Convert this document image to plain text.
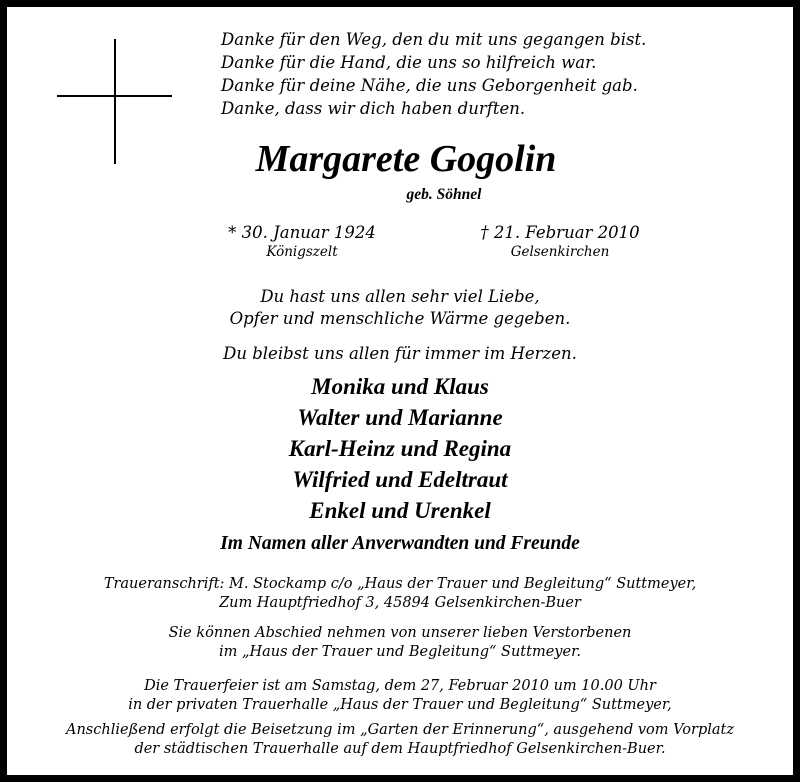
Danke für den Weg, den du mit uns gegangen bist.
Danke für die Hand, die uns so hilfreich war.
Danke für deine Nähe, die uns Geborgenheit gab.
Danke, dass wir dich haben durften.
Margarete Gogolin
geb. Söhnel
* 30. Januar 1924
Königszelt
† 21. Februar 2010
Gelsenkirchen
Du hast uns allen sehr viel Liebe,
Opfer und menschliche Wärme gegeben.
Du bleibst uns allen für immer im Herzen.
Monika und Klaus
Walter und Marianne
Karl-Heinz und Regina
Wilfried und Edeltraut
Enkel und Urenkel
Im Namen aller Anverwandten und Freunde
Traueranschrift: M. Stockamp c/o „Haus der Trauer und Begleitung“ Suttmeyer,
Zum Hauptfriedhof 3, 45894 Gelsenkirchen-Buer
Sie können Abschied nehmen von unserer lieben Verstorbenen
im „Haus der Trauer und Begleitung“ Suttmeyer.
Die Trauerfeier ist am Samstag, dem 27, Februar 2010 um 10.00 Uhr
in der privaten Trauerhalle „Haus der Trauer und Begleitung“ Suttmeyer,
Anschließend erfolgt die Beisetzung im „Garten der Erinnerung“, ausgehend vom Vorplatz
der städtischen Trauerhalle auf dem Hauptfriedhof Gelsenkirchen-Buer.
